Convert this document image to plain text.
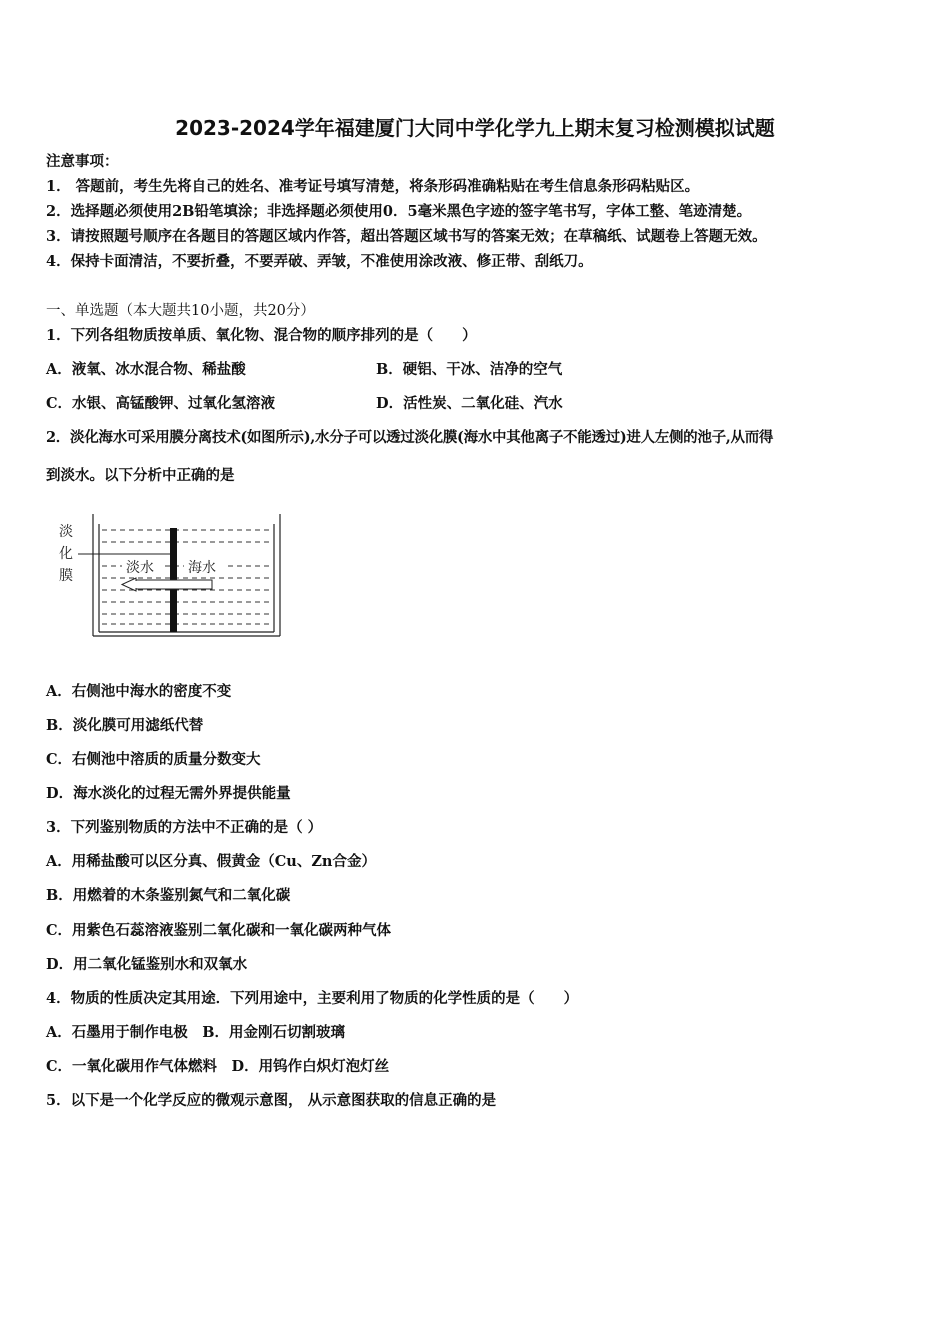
2023-2024学年福建厦门大同中学化学九上期末复习检测模拟试题
注意事项：
1． 答题前，考生先将自己的姓名、准考证号填写清楚，将条形码准确粘贴在考生信息条形码粘贴区。
2．选择题必须使用2B铅笔填涂；非选择题必须使用0．5毫米黑色字迹的签字笔书写，字体工整、笔迹清楚。
3．请按照题号顺序在各题目的答题区域内作答，超出答题区域书写的答案无效；在草稿纸、试题卷上答题无效。
4．保持卡面清洁，不要折叠，不要弄破、弄皱，不准使用涂改液、修正带、刮纸刀。
一、单选题（本大题共10小题，共20分）
1．下列各组物质按单质、氧化物、混合物的顺序排列的是（　　）
A．液氧、冰水混合物、稀盐酸	B．硬铝、干冰、洁净的空气
C．水银、高锰酸钾、过氧化氢溶液	D．活性炭、二氧化硅、汽水
2．淡化海水可采用膜分离技术(如图所示),水分子可以透过淡化膜(海水中其他离子不能透过)进人左侧的池子,从而得
到淡水。以下分析中正确的是
淡
化
膜	淡水 海水
A．右侧池中海水的密度不变
B．淡化膜可用滤纸代替
C．右侧池中溶质的质量分数变大
D．海水淡化的过程无需外界提供能量
3．下列鉴别物质的方法中不正确的是（ ）
A．用稀盐酸可以区分真、假黄金（Cu、Zn合金）
B．用燃着的木条鉴别氮气和二氧化碳
C．用紫色石蕊溶液鉴别二氧化碳和一氧化碳两种气体
D．用二氧化锰鉴别水和双氧水
4．物质的性质决定其用途．下列用途中，主要利用了物质的化学性质的是（　　）
A．石墨用于制作电极　B．用金刚石切割玻璃
C．一氧化碳用作气体燃料　D．用钨作白炽灯泡灯丝
5．以下是一个化学反应的微观示意图， 从示意图获取的信息正确的是
